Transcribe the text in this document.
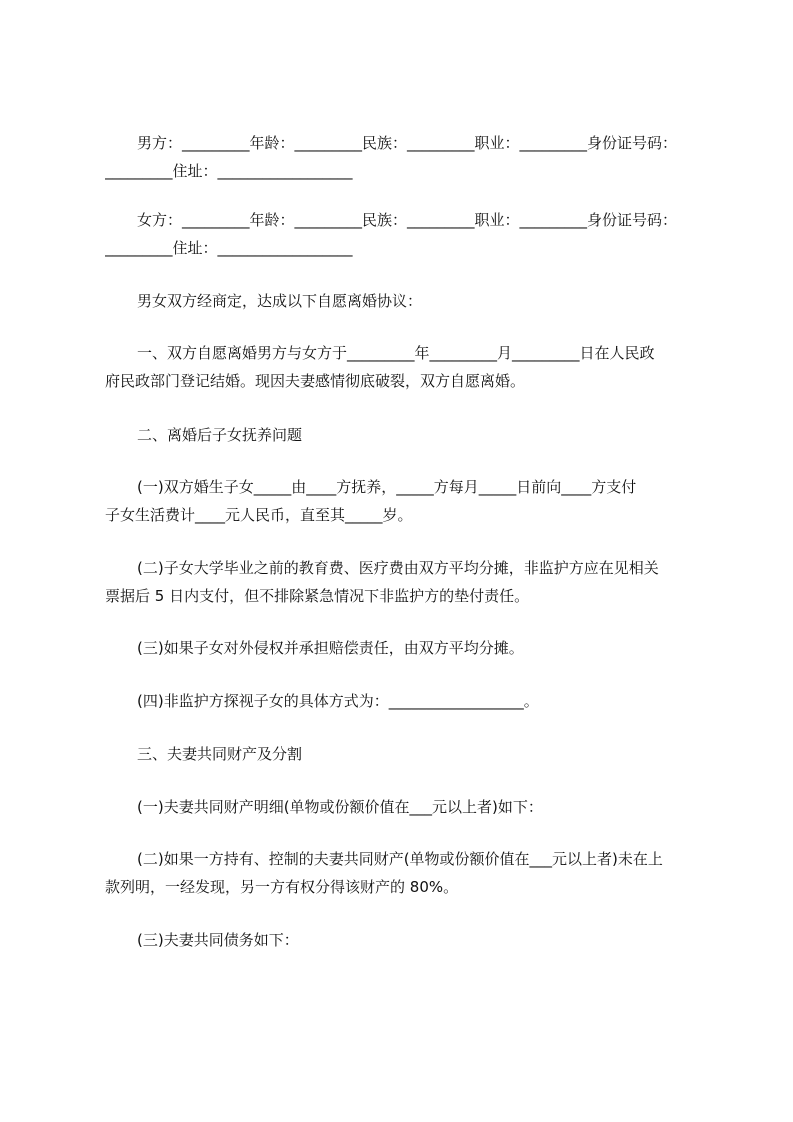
男方：_________年龄：_________民族：_________职业：_________身份证号码：
_________住址：__________________
女方：_________年龄：_________民族：_________职业：_________身份证号码：
_________住址：__________________
男女双方经商定，达成以下自愿离婚协议：
一、双方自愿离婚男方与女方于_________年_________月_________日在人民政
府民政部门登记结婚。现因夫妻感情彻底破裂，双方自愿离婚。
二、离婚后子女抚养问题
(一)双方婚生子女_____由____方抚养，_____方每月_____日前向____方支付
子女生活费计____元人民币，直至其_____岁。
(二)子女大学毕业之前的教育费、医疗费由双方平均分摊，非监护方应在见相关
票据后 5 日内支付，但不排除紧急情况下非监护方的垫付责任。
(三)如果子女对外侵权并承担赔偿责任，由双方平均分摊。
(四)非监护方探视子女的具体方式为：__________________。
三、夫妻共同财产及分割
(一)夫妻共同财产明细(单物或份额价值在___元以上者)如下：
(二)如果一方持有、控制的夫妻共同财产(单物或份额价值在___元以上者)未在上
款列明，一经发现，另一方有权分得该财产的 80%。
(三)夫妻共同债务如下：
